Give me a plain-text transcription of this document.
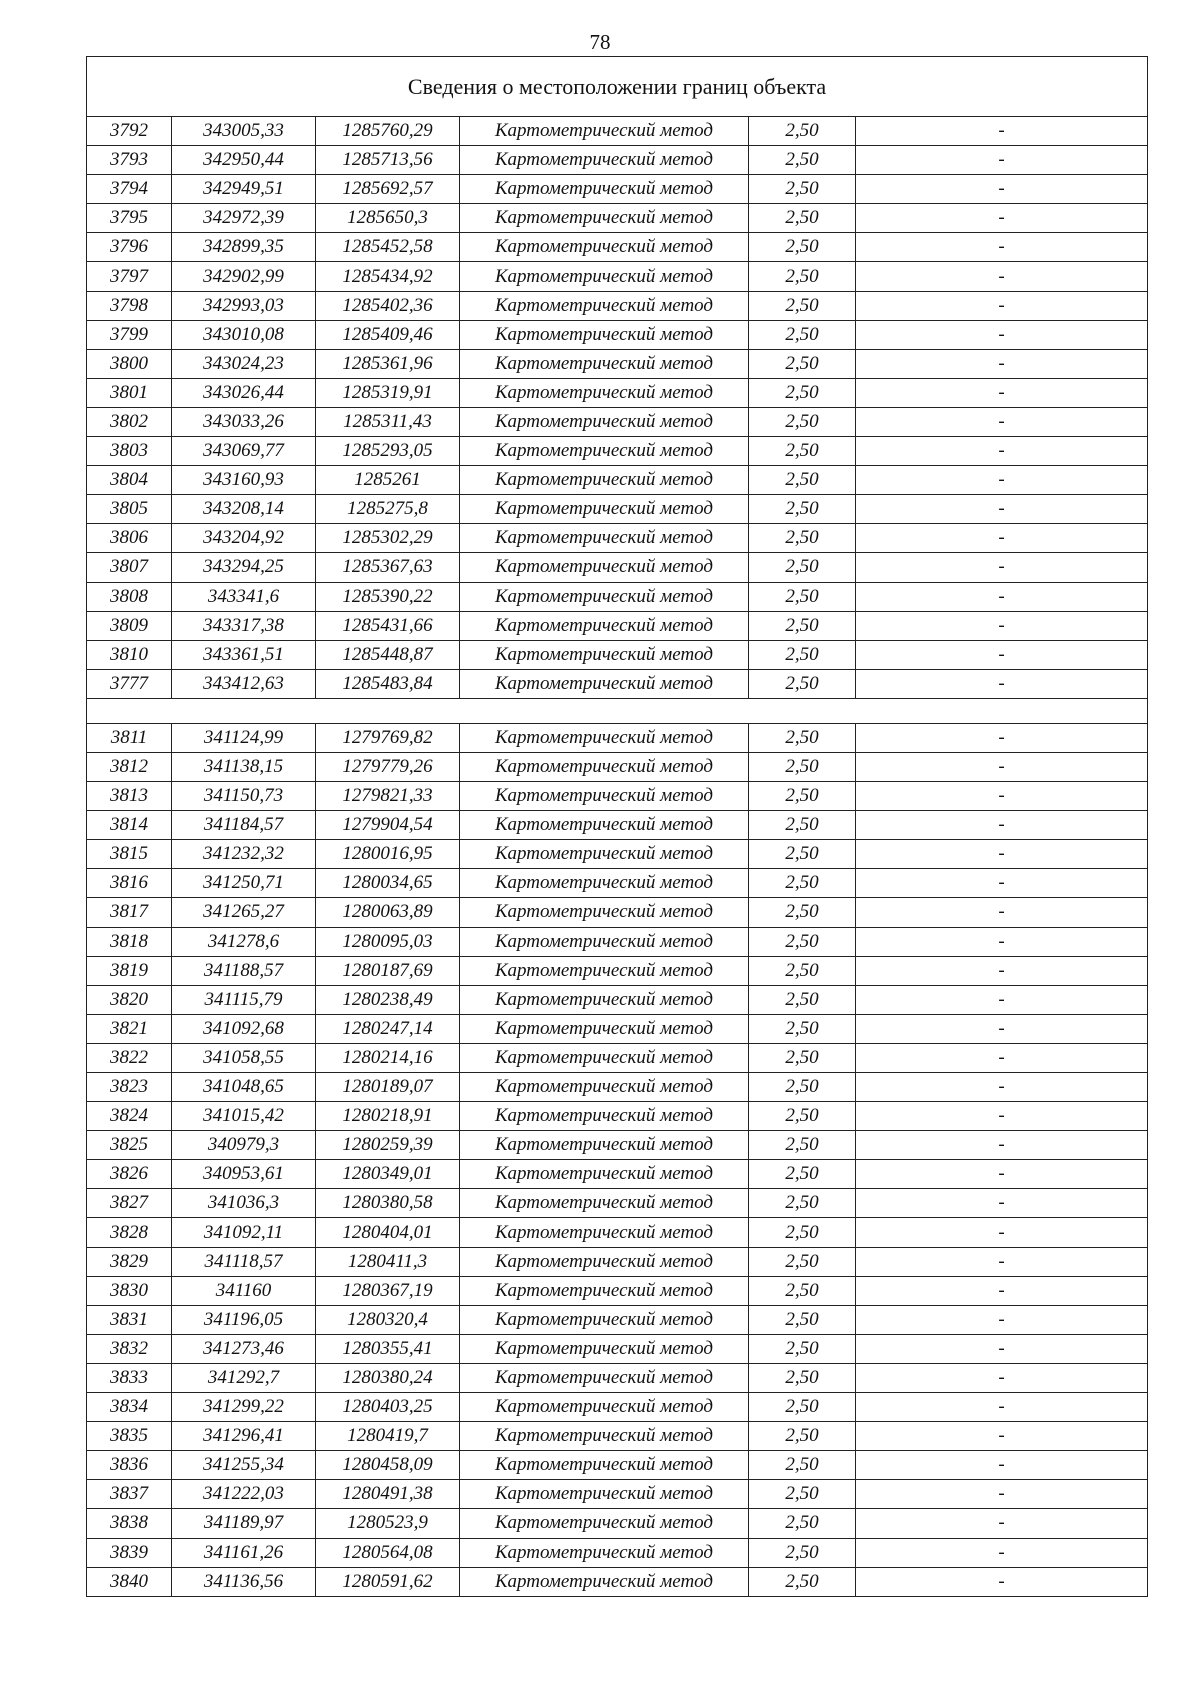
78
Сведения о местоположении границ объекта					
3792	343005,33	1285760,29	Картометрический метод	2,50	-
3793	342950,44	1285713,56	Картометрический метод	2,50	-
3794	342949,51	1285692,57	Картометрический метод	2,50	-
3795	342972,39	1285650,3	Картометрический метод	2,50	-
3796	342899,35	1285452,58	Картометрический метод	2,50	-
3797	342902,99	1285434,92	Картометрический метод	2,50	-
3798	342993,03	1285402,36	Картометрический метод	2,50	-
3799	343010,08	1285409,46	Картометрический метод	2,50	-
3800	343024,23	1285361,96	Картометрический метод	2,50	-
3801	343026,44	1285319,91	Картометрический метод	2,50	-
3802	343033,26	1285311,43	Картометрический метод	2,50	-
3803	343069,77	1285293,05	Картометрический метод	2,50	-
3804	343160,93	1285261	Картометрический метод	2,50	-
3805	343208,14	1285275,8	Картометрический метод	2,50	-
3806	343204,92	1285302,29	Картометрический метод	2,50	-
3807	343294,25	1285367,63	Картометрический метод	2,50	-
3808	343341,6	1285390,22	Картометрический метод	2,50	-
3809	343317,38	1285431,66	Картометрический метод	2,50	-
3810	343361,51	1285448,87	Картометрический метод	2,50	-
3777	343412,63	1285483,84	Картометрический метод	2,50	-

3811	341124,99	1279769,82	Картометрический метод	2,50	-
3812	341138,15	1279779,26	Картометрический метод	2,50	-
3813	341150,73	1279821,33	Картометрический метод	2,50	-
3814	341184,57	1279904,54	Картометрический метод	2,50	-
3815	341232,32	1280016,95	Картометрический метод	2,50	-
3816	341250,71	1280034,65	Картометрический метод	2,50	-
3817	341265,27	1280063,89	Картометрический метод	2,50	-
3818	341278,6	1280095,03	Картометрический метод	2,50	-
3819	341188,57	1280187,69	Картометрический метод	2,50	-
3820	341115,79	1280238,49	Картометрический метод	2,50	-
3821	341092,68	1280247,14	Картометрический метод	2,50	-
3822	341058,55	1280214,16	Картометрический метод	2,50	-
3823	341048,65	1280189,07	Картометрический метод	2,50	-
3824	341015,42	1280218,91	Картометрический метод	2,50	-
3825	340979,3	1280259,39	Картометрический метод	2,50	-
3826	340953,61	1280349,01	Картометрический метод	2,50	-
3827	341036,3	1280380,58	Картометрический метод	2,50	-
3828	341092,11	1280404,01	Картометрический метод	2,50	-
3829	341118,57	1280411,3	Картометрический метод	2,50	-
3830	341160	1280367,19	Картометрический метод	2,50	-
3831	341196,05	1280320,4	Картометрический метод	2,50	-
3832	341273,46	1280355,41	Картометрический метод	2,50	-
3833	341292,7	1280380,24	Картометрический метод	2,50	-
3834	341299,22	1280403,25	Картометрический метод	2,50	-
3835	341296,41	1280419,7	Картометрический метод	2,50	-
3836	341255,34	1280458,09	Картометрический метод	2,50	-
3837	341222,03	1280491,38	Картометрический метод	2,50	-
3838	341189,97	1280523,9	Картометрический метод	2,50	-
3839	341161,26	1280564,08	Картометрический метод	2,50	-
3840	341136,56	1280591,62	Картометрический метод	2,50	-
